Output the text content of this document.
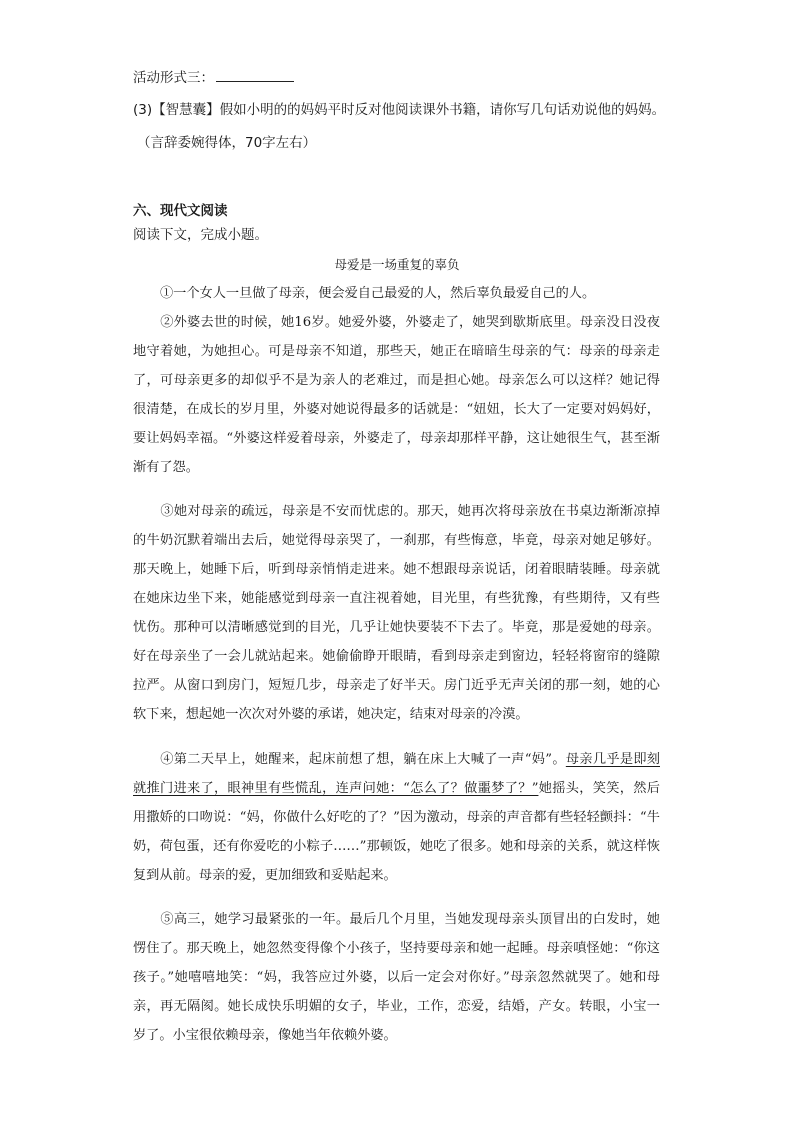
活动形式三：
(3)【智慧囊】假如小明的的妈妈平时反对他阅读课外书籍，请你写几句话劝说他的妈妈。
（言辞委婉得体，70字左右）
六、现代文阅读
阅读下文，完成小题。
母爱是一场重复的辜负

①一个女人一旦做了母亲，便会爱自己最爱的人，然后辜负最爱自己的人。

②外婆去世的时候，她16岁。她爱外婆，外婆走了，她哭到歇斯底里。母亲没日没夜地守着她，为她担心。可是母亲不知道，那些天，她正在暗暗生母亲的气：母亲的母亲走了，可母亲更多的却似乎不是为亲人的老难过，而是担心她。母亲怎么可以这样？她记得很清楚，在成长的岁月里，外婆对她说得最多的话就是：“妞妞，长大了一定要对妈妈好，要让妈妈幸福。“外婆这样爱着母亲，外婆走了，母亲却那样平静，这让她很生气，甚至渐渐有了怨。

③她对母亲的疏远，母亲是不安而忧虑的。那天，她再次将母亲放在书桌边渐渐凉掉的牛奶沉默着端出去后，她觉得母亲哭了，一刹那，有些悔意，毕竟，母亲对她足够好。那天晚上，她睡下后，听到母亲悄悄走进来。她不想跟母亲说话，闭着眼睛装睡。母亲就在她床边坐下来，她能感觉到母亲一直注视着她，目光里，有些犹豫，有些期待，又有些忧伤。那种可以清晰感觉到的目光，几乎让她快要装不下去了。毕竟，那是爱她的母亲。好在母亲坐了一会儿就站起来。她偷偷睁开眼睛，看到母亲走到窗边，轻轻将窗帘的缝隙拉严。从窗口到房门，短短几步，母亲走了好半天。房门近乎无声关闭的那一刻，她的心软下来，想起她一次次对外婆的承诺，她决定，结束对母亲的冷漠。

④第二天早上，她醒来，起床前想了想，躺在床上大喊了一声“妈”。母亲几乎是即刻就推门进来了，眼神里有些慌乱，连声问她：“怎么了？做噩梦了？”她摇头，笑笑，然后用撒娇的口吻说：“妈，你做什么好吃的了？”因为激动，母亲的声音都有些轻轻颤抖：“牛奶，荷包蛋，还有你爱吃的小粽子……”那顿饭，她吃了很多。她和母亲的关系，就这样恢复到从前。母亲的爱，更加细致和妥贴起来。

⑤高三，她学习最紧张的一年。最后几个月里，当她发现母亲头顶冒出的白发时，她愣住了。那天晚上，她忽然变得像个小孩子，坚持要母亲和她一起睡。母亲嗔怪她：“你这孩子。”她嘻嘻地笑：“妈，我答应过外婆，以后一定会对你好。”母亲忽然就哭了。她和母亲，再无隔阂。她长成快乐明媚的女子，毕业，工作，恋爱，结婚，产女。转眼，小宝一岁了。小宝很依赖母亲，像她当年依赖外婆。
